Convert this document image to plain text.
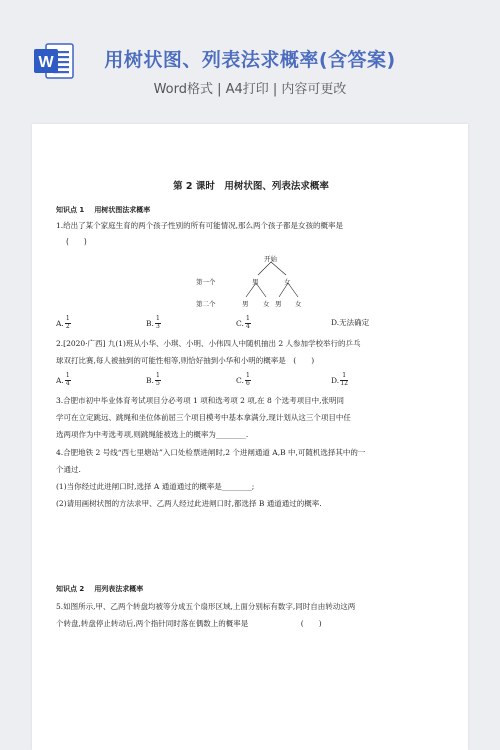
W	用树状图、列表法求概率(含答案)
Word格式 | A4打印 | 内容可更改
第 2 课时　用树状图、列表法求概率
知识点 1 用树状图法求概率
1.给出了某个家庭生育的两个孩子性别的所有可能情况,那么两个孩子都是女孩的概率是
(　　)
开始
第一个
第二个
男	女
男 女 男 女
A. $\frac{1}{2}$	B. $\frac{1}{3}$	C. $\frac{1}{4}$	D. 无法确定
2.[2020·广西] 九(1)班从小华、小琪、小明、小伟四人中随机抽出 2 人参加学校举行的乒乓
球双打比赛,每人被抽到的可能性相等,则恰好抽到小华和小明的概率是　(　　)
A. $\frac{1}{4}$	B. $\frac{1}{5}$	C. $\frac{1}{6}$	D. $\frac{1}{12}$
3.合肥市初中毕业体育考试项目分必考项 1 项和选考项 2 项,在 8 个选考项目中,张明同
学可在立定跳远、跳绳和坐位体前屈三个项目模考中基本拿满分,现计划从这三个项目中任
选两项作为中考选考项,则跳绳能被选上的概率为________.
4.合肥地铁 2 号线“西七里塘站”入口处检票进闸时,2 个进闸通道 A,B 中,可随机选择其中的一
个通过.
(1)当你经过此进闸口时,选择 A 通道通过的概率是________;
(2)请用画树状图的方法求甲、乙两人经过此进闸口时,都选择 B 通道通过的概率.
知识点 2 用列表法求概率
5.如图所示,甲、乙两个转盘均被等分成五个扇形区域,上面分别标有数字,同时自由转动这两
个转盘,转盘停止转动后,两个指针同时落在偶数上的概率是　　　　　　　(　　)
